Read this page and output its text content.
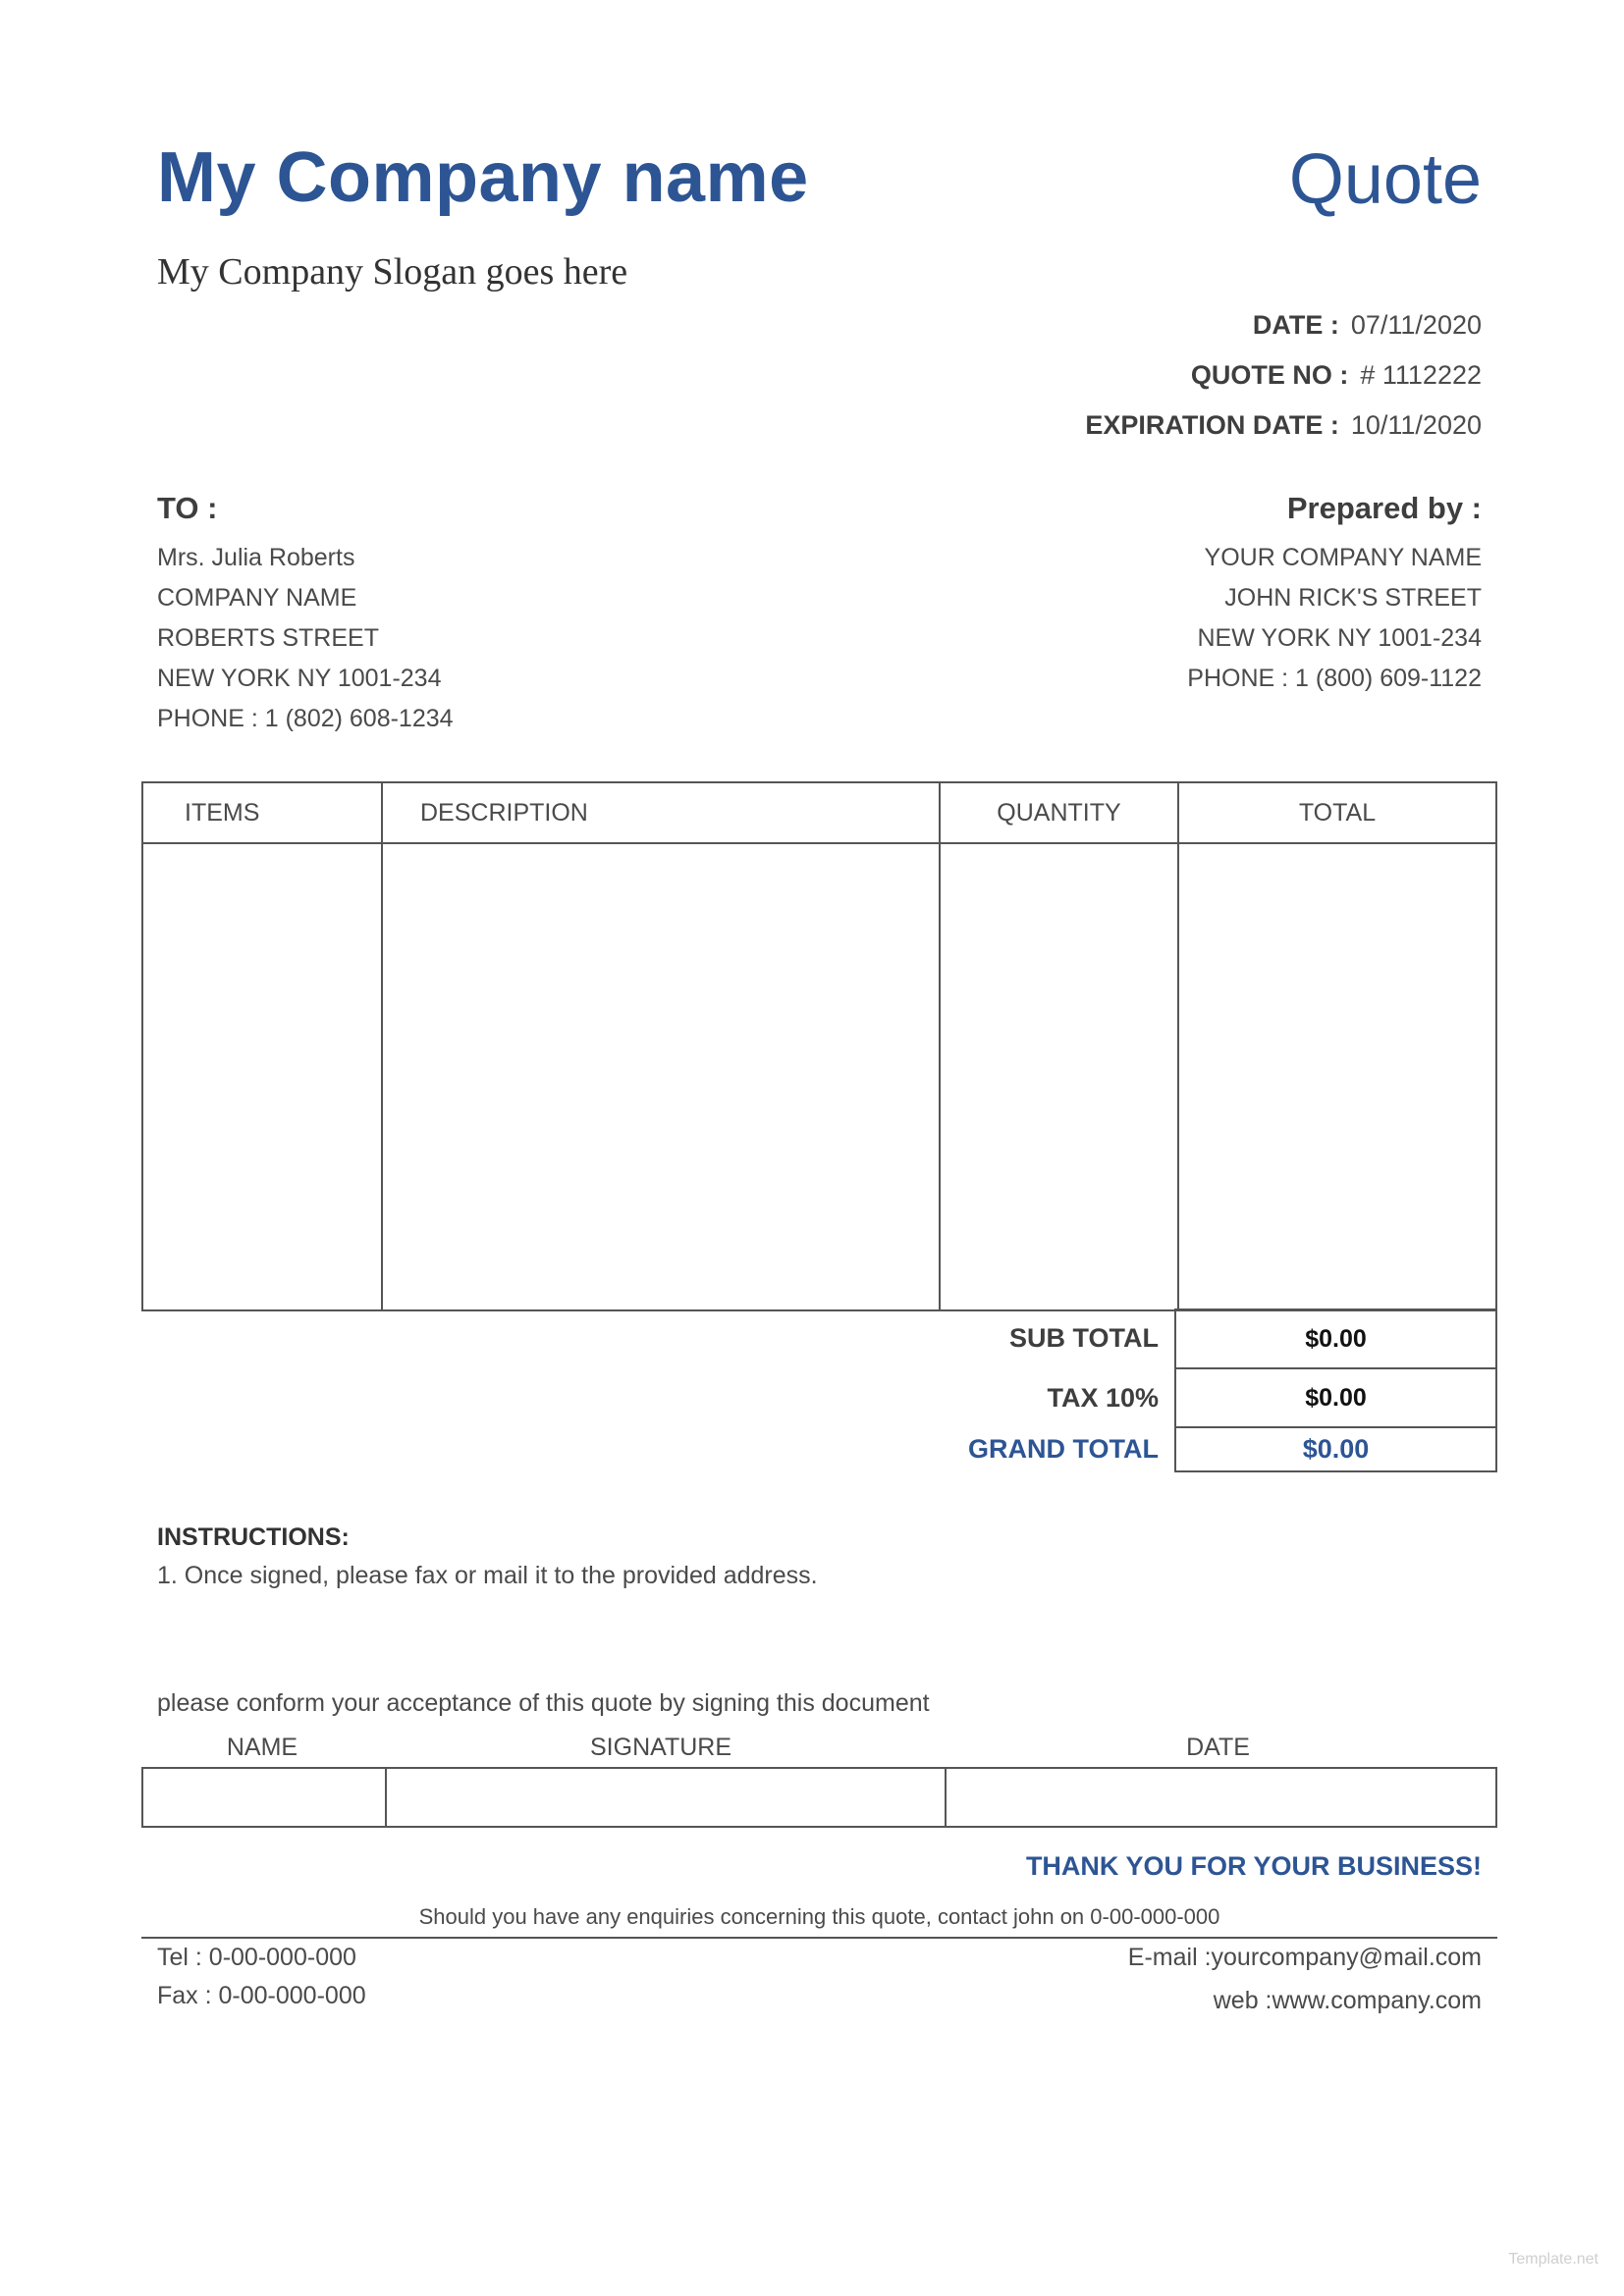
My Company name	Quote
My Company Slogan goes here
DATE : 07/11/2020
QUOTE NO : # 1112222
EXPIRATION DATE : 10/11/2020
TO :	Prepared by :
Mrs. Julia Roberts
COMPANY NAME
ROBERTS STREET
NEW YORK NY 1001-234
PHONE : 1 (802) 608-1234
YOUR COMPANY NAME
JOHN RICK'S STREET
NEW YORK NY 1001-234
PHONE : 1 (800) 609-1122
ITEMS	DESCRIPTION	QUANTITY	TOTAL

SUB TOTAL	$0.00
TAX 10%	$0.00
GRAND TOTAL	$0.00
INSTRUCTIONS:
1. Once signed, please fax or mail it to the provided address.
please conform your acceptance of this quote by signing this document
NAME	SIGNATURE	DATE

THANK YOU FOR YOUR BUSINESS!
Should you have any enquiries concerning this quote, contact john on 0-00-000-000
Tel : 0-00-000-000
Fax : 0-00-000-000
E-mail :yourcompany@mail.com
web :www.company.com
Template.net
